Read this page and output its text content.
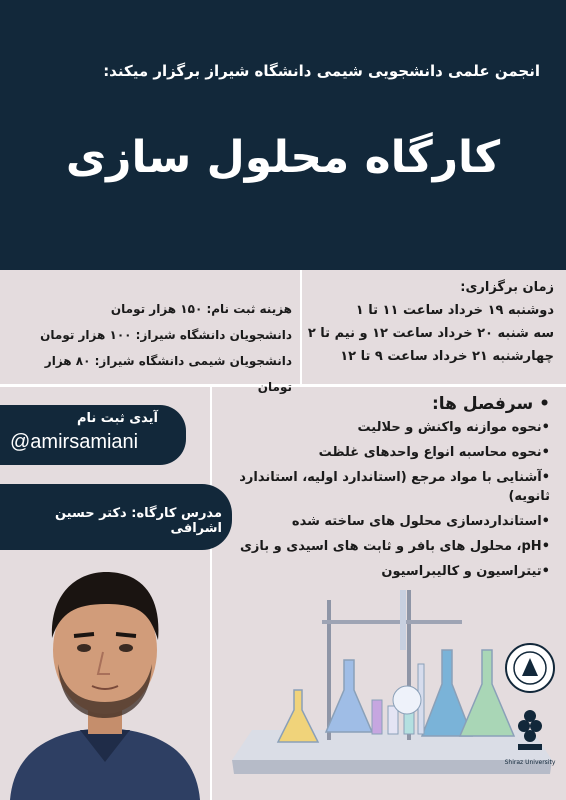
انجمن علمی دانشجویی شیمی دانشگاه شیراز برگزار میکند:
کارگاه محلول سازی
زمان برگزاری:
دوشنبه ۱۹ خرداد ساعت ۱۱ تا ۱
سه شنبه ۲۰ خرداد ساعت ۱۲ و نیم تا ۲
چهارشنبه ۲۱ خرداد ساعت ۹ تا ۱۲
هزینه ثبت نام: ۱۵۰ هزار تومان
دانشجویان دانشگاه شیراز: ۱۰۰ هزار تومان
دانشجویان شیمی دانشگاه شیراز: ۸۰ هزار تومان
• سرفصل ها:
•نحوه موازنه واکنش و حلالیت
•نحوه محاسبه انواع واحدهای غلظت
•آشنایی با مواد مرجع (استاندارد اولیه، استاندارد ثانویه)
•استانداردسازی محلول های ساخته شده
•pH، محلول های بافر و ثابت های اسیدی و بازی
•تیتراسیون و کالیبراسیون
آیدی ثبت نام
@amirsamiani
مدرس کارگاه: دکتر حسین اشرافی
Shiraz University
